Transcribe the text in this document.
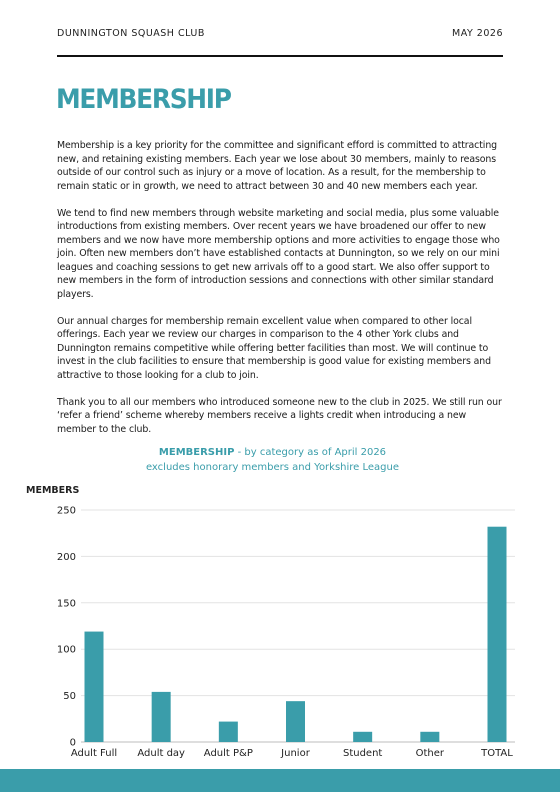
DUNNINGTON SQUASH CLUB	MAY 2026
MEMBERSHIP

Membership is a key priority for the committee and significant efford is committed to attracting new, and retaining existing members. Each year we lose about 30 members, mainly to reasons outside of our control such as injury or a move of location. As a result, for the membership to remain static or in growth, we need to attract between 30 and 40 new members each year.

We tend to find new members through website marketing and social media, plus some valuable introductions from existing members. Over recent years we have broadened our offer to new members and we now have more membership options and more activities to engage those who join. Often new members don’t have established contacts at Dunnington, so we rely on our mini leagues and coaching sessions to get new arrivals off to a good start. We also offer support to new members in the form of introduction sessions and connections with other similar standard players.

Our annual charges for membership remain excellent value when compared to other local offerings. Each year we review our charges in comparison to the 4 other York clubs and Dunnington remains competitive while offering better facilities than most. We will continue to invest in the club facilities to ensure that membership is good value for existing members and attractive to those looking for a club to join.

Thank you to all our members who introduced someone new to the club in 2025. We still run our ‘refer a friend’ scheme whereby members receive a lights credit when introducing a new member to the club.

MEMBERSHIP - by category as of April 2026
excludes honorary members and Yorkshire League
MEMBERS
0
50
100
150
200
250
Adult Full Adult day Adult P&P	Junior	Student	Other	TOTAL
